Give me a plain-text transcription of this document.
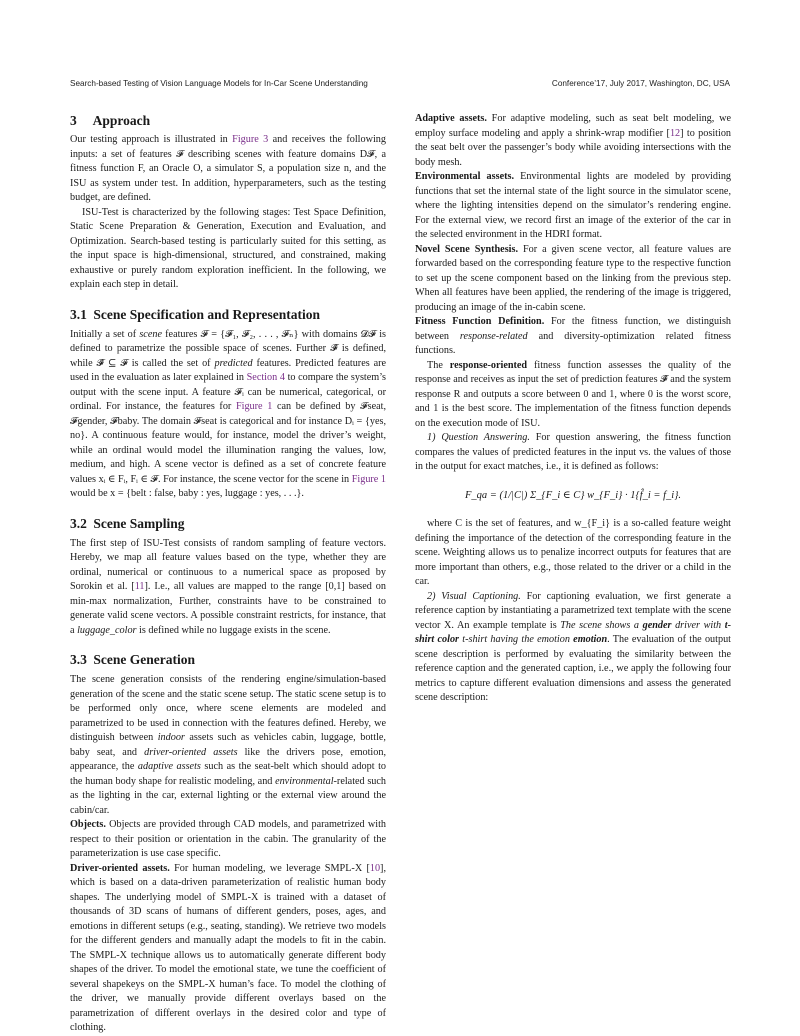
Search-based Testing of Vision Language Models for In-Car Scene Understanding	Conference’17, July 2017, Washington, DC, USA
3 Approach

Our testing approach is illustrated in Figure 3 and receives the following inputs: a set of features 𝓕 describing scenes with feature domains D𝓕, a fitness function F, an Oracle O, a simulator S, a population size n, and the ISU as system under test. In addition, hyperparameters, such as the testing budget, are defined.

ISU-Test is characterized by the following stages: Test Space Definition, Static Scene Preparation & Generation, Execution and Evaluation, and Optimization. Search-based testing is particularly suited for this setting, as the input space is high-dimensional, structured, and constrained, making exhaustive or purely random exploration inefficient. In the following, we explain each step in detail.

3.1 Scene Specification and Representation

Initially a set of scene features 𝓕 = {𝓕₁, 𝓕₂, . . . , 𝓕ₙ} with domains 𝓓𝓕 is defined to parametrize the possible space of scenes. Further 𝓕̂ is defined, while 𝓕̂ ⊆ 𝓕 is called the set of predicted features. Predicted features are used in the evaluation as later explained in Section 4 to compare the system’s output with the scene input. A feature 𝓕ᵢ can be numerical, categorical, or ordinal. For instance, the features for Figure 1 can be defined by 𝓕seat, 𝓕gender, 𝓕baby. The domain 𝓕seat is categorical and for instance Dᵢ = {yes, no}. A continuous feature would, for instance, model the driver’s weight, while an ordinal would model the illumination ranging the values, low, medium, and high. A scene vector is defined as a set of concrete feature values xᵢ ∈ Fᵢ, Fᵢ ∈ 𝓕. For instance, the scene vector for the scene in Figure 1 would be x = {belt : false, baby : yes, luggage : yes, . . .}.

3.2 Scene Sampling

The first step of ISU-Test consists of random sampling of feature vectors. Hereby, we map all feature values based on the type, whether they are ordinal, numerical or continuous to a numerical space as proposed by Sorokin et al. [11]. I.e., all values are mapped to the range [0,1] based on min-max normalization, Further, constraints have to be constrained to generate valid scene vectors. A possible constraint restricts, for instance, that a luggage_color is defined while no luggage exists in the scene.

3.3 Scene Generation

The scene generation consists of the rendering engine/simulation-based generation of the scene and the static scene setup. The static scene setup is to be performed only once, where scene elements are modeled and parametrized to be used in connection with the features defined. Hereby, we distinguish between indoor assets such as vehicles cabin, luggage, bottle, baby seat, and driver-oriented assets like the drivers pose, emotion, appearance, the adaptive assets such as the seat-belt which should adopt to the human body shape for realistic modeling, and environmental-related such as the lighting in the car, external lighting or the external view around the cabin/car.

Objects. Objects are provided through CAD models, and parametrized with respect to their position or orientation in the cabin. The granularity of the parameterization is use case specific.

Driver-oriented assets. For human modeling, we leverage SMPL-X [10], which is based on a data-driven parameterization of realistic human body shapes. The underlying model of SMPL-X is trained with a dataset of thousands of 3D scans of humans of different genders, poses, ages, and emotions in different setups (e.g., seating, standing). We retrieve two models for the different genders and manually adapt the models to fit in the cabin. The SMPL-X technique allows us to automatically generate different body shapes of the driver. To model the emotional state, we tune the coefficient of several shapekeys on the SMPL-X human’s face. To model the clothing of the driver, we manually provide different overlays based on the parametrization of different overlays in the desired color and type of clothing.

Adaptive assets. For adaptive modeling, such as seat belt modeling, we employ surface modeling and apply a shrink-wrap modifier [12] to position the seat belt over the passenger’s body while avoiding intersections with the body mesh.

Environmental assets. Environmental lights are modeled by providing functions that set the internal state of the light source in the simulator scene, where the lighting intensities depend on the simulator’s rendering engine. For the external view, we record first an image of the exterior of the car in the selected environment in the HDRI format.

Novel Scene Synthesis. For a given scene vector, all feature values are forwarded based on the corresponding feature type to the respective function to set up the scene component based on the linking from the previous step. When all features have been applied, the rendering of the image is triggered, producing an image of the in-cabin scene.

Fitness Function Definition. For the fitness function, we distinguish between response-related and diversity-optimization related fitness functions.

The response-oriented fitness function assesses the quality of the response and receives as input the set of prediction features 𝓕̂ and the system response R and outputs a score between 0 and 1, where 0 is the worst score, and 1 is the best score. The implementation of the fitness function depends on the execution mode of ISU.

1) Question Answering. For question answering, the fitness function compares the values of predicted features in the input vs. the values of those in the output for exact matches, i.e., it is defined as follows:

F_qa = (1/|C|) Σ_{F_i ∈ C} w_{F_i} · 1{f̂_i = f_i}.

where C is the set of features, and w_{F_i} is a so-called feature weight defining the importance of the detection of the corresponding feature in the scene. Weighting allows us to penalize incorrect outputs for features that are more important than others, e.g., those related to the driver or a child in the car.

2) Visual Captioning. For captioning evaluation, we first generate a reference caption by instantiating a parametrized text template with the scene vector X. An example template is The scene shows a gender driver with t-shirt color t-shirt having the emotion emotion. The evaluation of the output scene description is performed by evaluating the similarity between the reference caption and the generated caption, i.e., we apply the following four metrics to capture different evaluation dimensions and assess the generated scene description:
